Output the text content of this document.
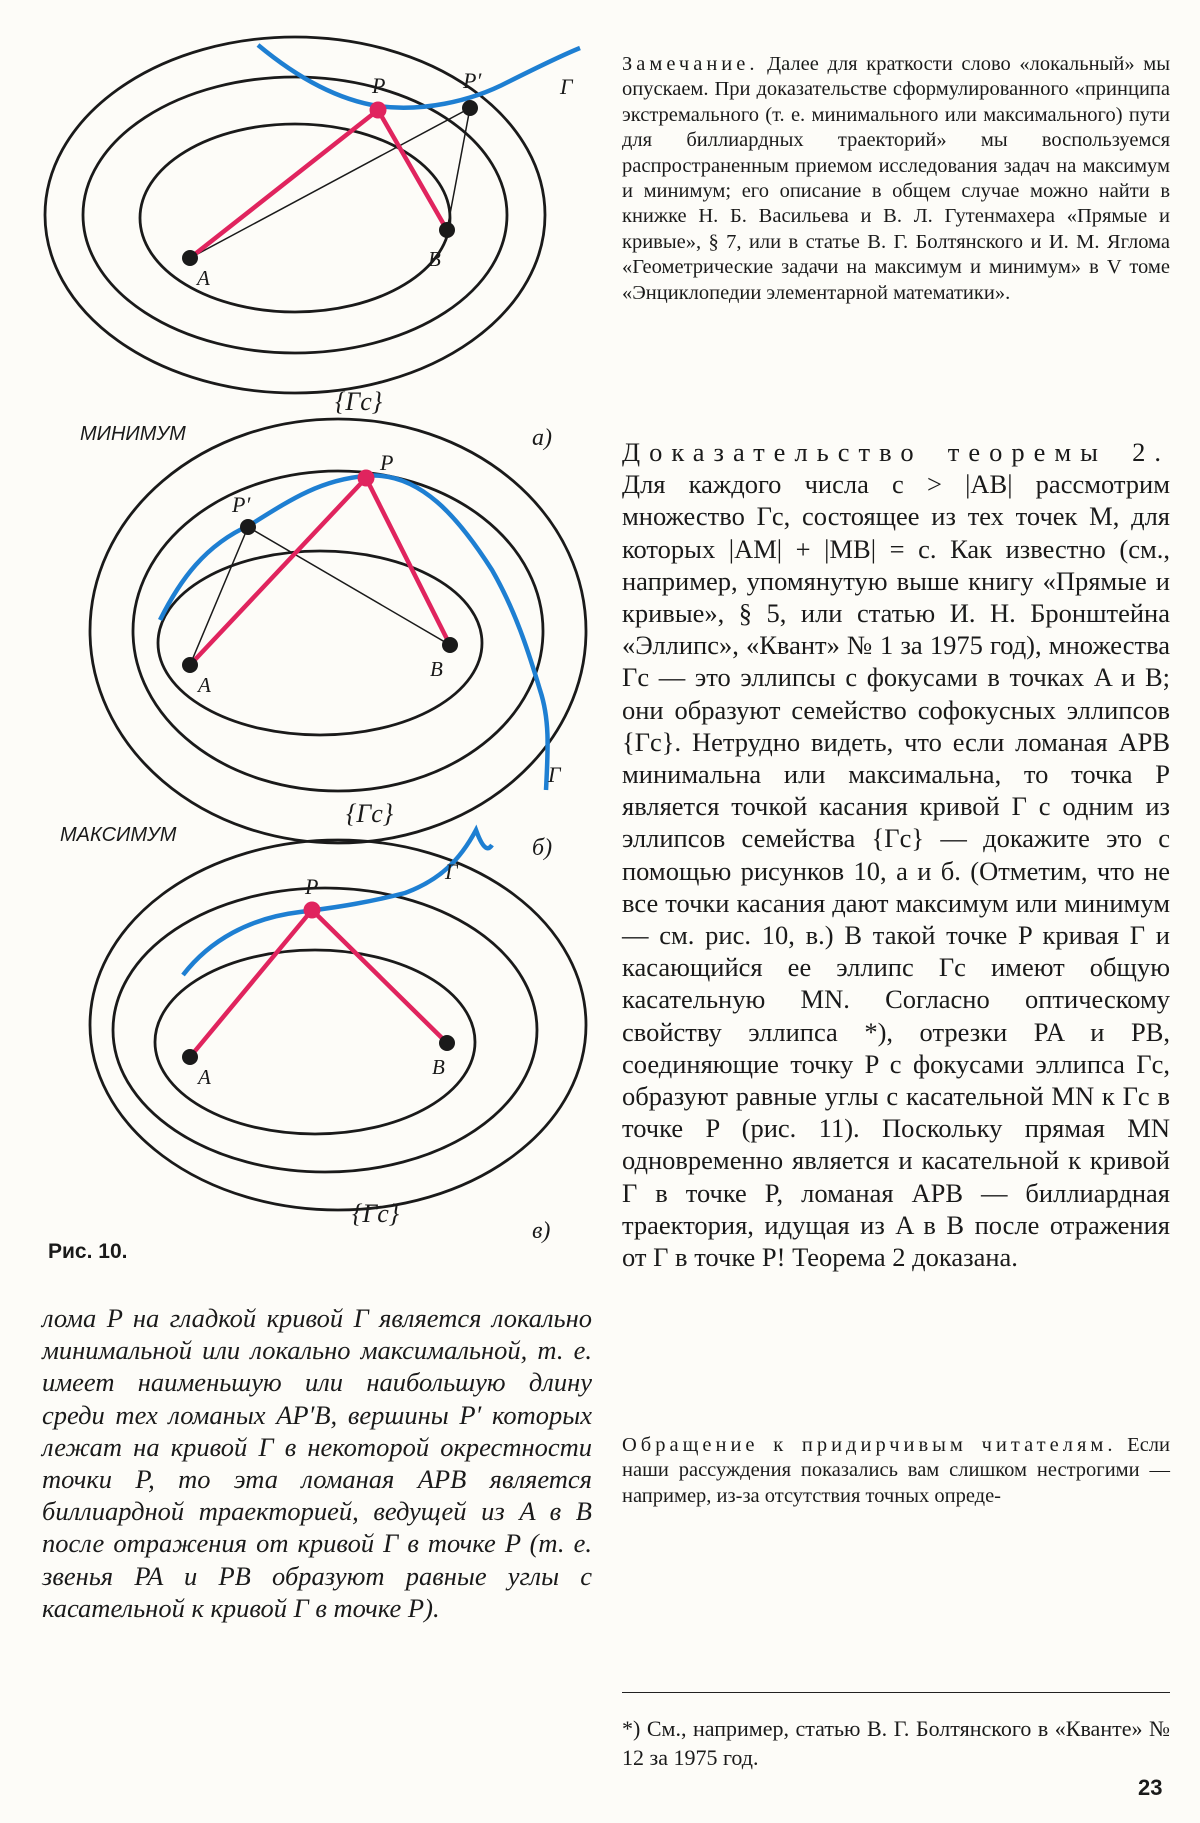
P	P′	Г
A
B
{Гс}
МИНИМУМ	а)
P
P′
Г
A
B
{Гс}
МАКСИМУМ	б)
P
Г
A	B
{Гс}
в)
Рис. 10.
лома P на гладкой кривой Г является локально минимальной или локально максимальной, т. е. имеет наименьшую или наибольшую длину среди тех ломаных AP′B, вершины P′ которых лежат на кривой Г в некоторой окрестности точки P, то эта ломаная APB является биллиардной траекторией, ведущей из A в B после отражения от кривой Г в точке P (т. е. звенья PA и PB образуют равные углы с касательной к кривой Г в точке P).
Замечание. Далее для краткости слово «локальный» мы опускаем. При доказательстве сформулированного «принципа экстремального (т. е. минимального или максимального) пути для биллиардных траекторий» мы воспользуемся распространенным приемом исследования задач на максимум и минимум; его описание в общем случае можно найти в книжке Н. Б. Васильева и В. Л. Гутенмахера «Прямые и кривые», § 7, или в статье В. Г. Болтянского и И. М. Яглома «Геометрические задачи на максимум и минимум» в V томе «Энциклопедии элементарной математики».
Доказательство теоремы 2. Для каждого числа c > |AB| рассмотрим множество Гс, состоящее из тех точек M, для которых |AM| + |MB| = c. Как известно (см., например, упомянутую выше книгу «Прямые и кривые», § 5, или статью И. Н. Бронштейна «Эллипс», «Квант» № 1 за 1975 год), множества Гс — это эллипсы с фокусами в точках A и B; они образуют семейство софокусных эллипсов {Гс}. Нетрудно видеть, что если ломаная APB минимальна или максимальна, то точка P является точкой касания кривой Г с одним из эллипсов семейства {Гс} — докажите это с помощью рисунков 10, а и б. (Отметим, что не все точки касания дают максимум или минимум — см. рис. 10, в.) В такой точке P кривая Г и касающийся ее эллипс Гс имеют общую касательную MN. Согласно оптическому свойству эллипса *), отрезки PA и PB, соединяющие точку P с фокусами эллипса Гс, образуют равные углы с касательной MN к Гс в точке P (рис. 11). Поскольку прямая MN одновременно является и касательной к кривой Г в точке P, ломаная APB — биллиардная траектория, идущая из A в B после отражения от Г в точке P! Теорема 2 доказана.
Обращение к придирчивым читателям. Если наши рассуждения показались вам слишком нестрогими — например, из-за отсутствия точных опреде-
*) См., например, статью В. Г. Болтянского в «Кванте» № 12 за 1975 год.
23
